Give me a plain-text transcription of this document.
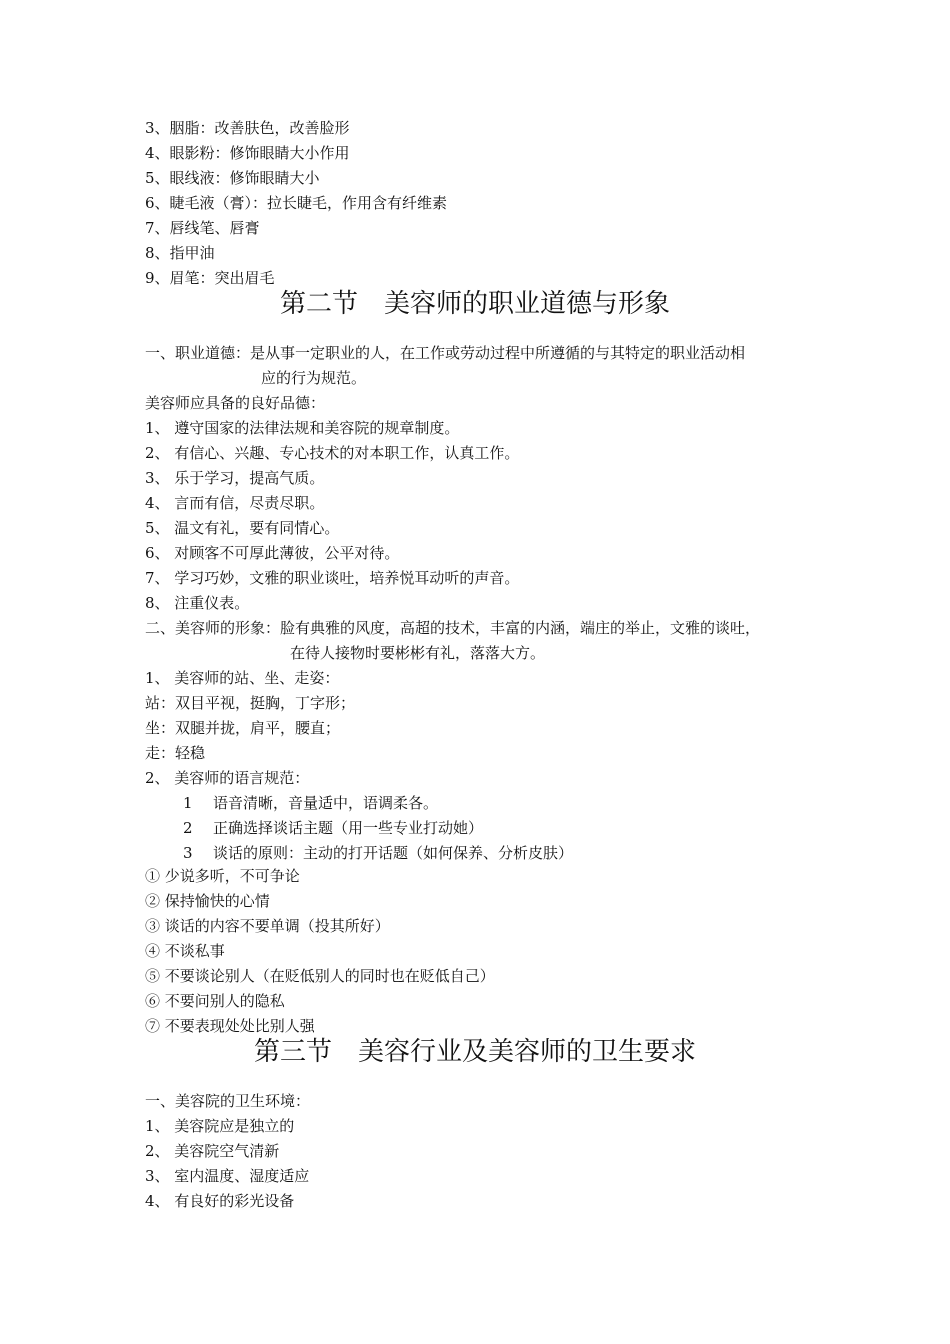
3、胭脂：改善肤色，改善脸形
4、眼影粉：修饰眼睛大小作用
5、眼线液：修饰眼睛大小
6、睫毛液（膏）：拉长睫毛，作用含有纤维素
7、唇线笔、唇膏
8、指甲油
9、眉笔：突出眉毛
第二节　美容师的职业道德与形象
一、职业道德：是从事一定职业的人，在工作或劳动过程中所遵循的与其特定的职业活动相
应的行为规范。
美容师应具备的良好品德：
1、 遵守国家的法律法规和美容院的规章制度。
2、 有信心、兴趣、专心技术的对本职工作，认真工作。
3、 乐于学习，提高气质。
4、 言而有信，尽责尽职。
5、 温文有礼，要有同情心。
6、 对顾客不可厚此薄彼，公平对待。
7、 学习巧妙，文雅的职业谈吐，培养悦耳动听的声音。
8、 注重仪表。
二、美容师的形象：脸有典雅的风度，高超的技术，丰富的内涵，端庄的举止，文雅的谈吐，
在待人接物时要彬彬有礼，落落大方。
1、 美容师的站、坐、走姿：
站：双目平视，挺胸，丁字形；
坐：双腿并拢，肩平，腰直；
走：轻稳
2、 美容师的语言规范：
1 语音清晰，音量适中，语调柔各。
2 正确选择谈话主题（用一些专业打动她）
3 谈话的原则：主动的打开话题（如何保养、分析皮肤）
① 少说多听，不可争论
② 保持愉快的心情
③ 谈话的内容不要单调（投其所好）
④ 不谈私事
⑤ 不要谈论别人（在贬低别人的同时也在贬低自己）
⑥ 不要问别人的隐私
⑦ 不要表现处处比别人强
第三节　美容行业及美容师的卫生要求
一、美容院的卫生环境：
1、 美容院应是独立的
2、 美容院空气清新
3、 室内温度、湿度适应
4、 有良好的彩光设备
